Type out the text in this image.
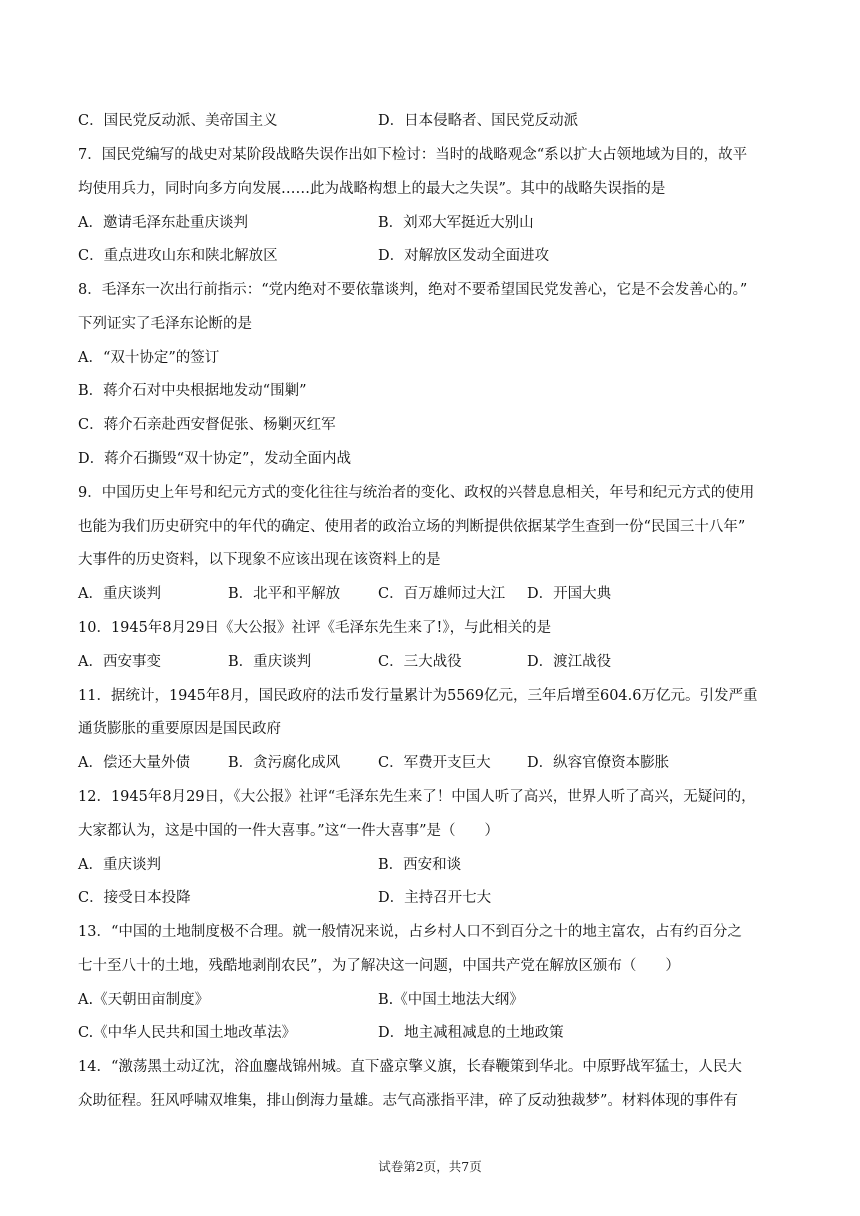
C．国民党反动派、美帝国主义	D．日本侵略者、国民党反动派
7．国民党编写的战史对某阶段战略失误作出如下检讨：当时的战略观念“系以扩大占领地域为目的，故平
均使用兵力，同时向多方向发展……此为战略构想上的最大之失误”。其中的战略失误指的是
A．邀请毛泽东赴重庆谈判	B．刘邓大军挺近大别山
C．重点进攻山东和陕北解放区	D．对解放区发动全面进攻
8．毛泽东一次出行前指示：“党内绝对不要依靠谈判，绝对不要希望国民党发善心，它是不会发善心的。”
下列证实了毛泽东论断的是
A．“双十协定”的签订
B．蒋介石对中央根据地发动“围剿”
C．蒋介石亲赴西安督促张、杨剿灭红军
D．蒋介石撕毁“双十协定”，发动全面内战
9．中国历史上年号和纪元方式的变化往往与统治者的变化、政权的兴替息息相关，年号和纪元方式的使用
也能为我们历史研究中的年代的确定、使用者的政治立场的判断提供依据某学生查到一份“民国三十八年”
大事件的历史资料，以下现象不应该出现在该资料上的是
A．重庆谈判	B．北平和平解放	C．百万雄师过大江 D．开国大典
10．1945年8月29日《大公报》社评《毛泽东先生来了!》，与此相关的是
A．西安事变	B．重庆谈判	C．三大战役	D．渡江战役
11．据统计，1945年8月，国民政府的法币发行量累计为5569亿元，三年后增至604.6万亿元。引发严重
通货膨胀的重要原因是国民政府
A．偿还大量外债	B．贪污腐化成风	C．军费开支巨大	D．纵容官僚资本膨胀
12．1945年8月29日，《大公报》社评“毛泽东先生来了！中国人听了高兴，世界人听了高兴，无疑问的，
大家都认为，这是中国的一件大喜事。”这“一件大喜事”是（　　）
A．重庆谈判	B．西安和谈
C．接受日本投降	D．主持召开七大
13．“中国的土地制度极不合理。就一般情况来说，占乡村人口不到百分之十的地主富农，占有约百分之
七十至八十的土地，残酷地剥削农民”，为了解决这一问题，中国共产党在解放区颁布（　　）
A.《天朝田亩制度》	B.《中国土地法大纲》
C.《中华人民共和国土地改革法》	D．地主减租减息的土地政策
14．“激荡黑土动辽沈，浴血鏖战锦州城。直下盛京擎义旗，长春鞭策到华北。中原野战军猛士，人民大
众助征程。狂风呼啸双堆集，排山倒海力量雄。志气高涨指平津，碎了反动独裁梦”。材料体现的事件有
试卷第2页，共7页
